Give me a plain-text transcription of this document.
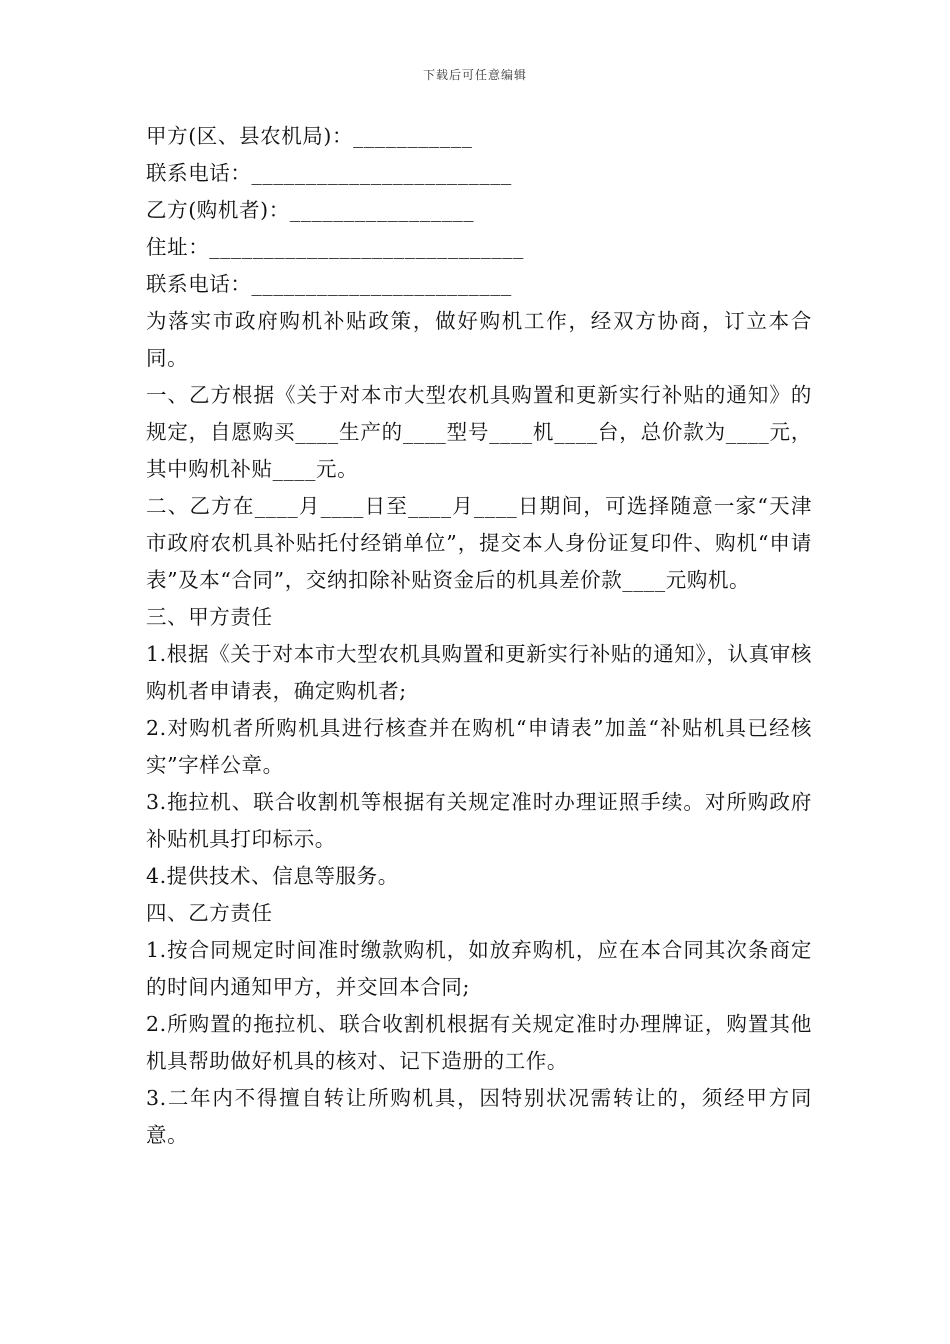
下载后可任意编辑

甲方(区、县农机局)：___________

联系电话：________________________

乙方(购机者)：_________________

住址：_____________________________

联系电话：________________________

为落实市政府购机补贴政策，做好购机工作，经双方协商，订立本合同。

一、乙方根据《关于对本市大型农机具购置和更新实行补贴的通知》的规定，自愿购买____生产的____型号____机____台，总价款为____元，其中购机补贴____元。

二、乙方在____月____日至____月____日期间，可选择随意一家“天津市政府农机具补贴托付经销单位”，提交本人身份证复印件、购机“申请表”及本“合同”，交纳扣除补贴资金后的机具差价款____元购机。

三、甲方责任

1.根据《关于对本市大型农机具购置和更新实行补贴的通知》，认真审核购机者申请表，确定购机者;

2.对购机者所购机具进行核查并在购机“申请表”加盖“补贴机具已经核实”字样公章。

3.拖拉机、联合收割机等根据有关规定准时办理证照手续。对所购政府补贴机具打印标示。

4.提供技术、信息等服务。

四、乙方责任

1.按合同规定时间准时缴款购机，如放弃购机，应在本合同其次条商定的时间内通知甲方，并交回本合同;

2.所购置的拖拉机、联合收割机根据有关规定准时办理牌证，购置其他机具帮助做好机具的核对、记下造册的工作。

3.二年内不得擅自转让所购机具，因特别状况需转让的，须经甲方同意。
